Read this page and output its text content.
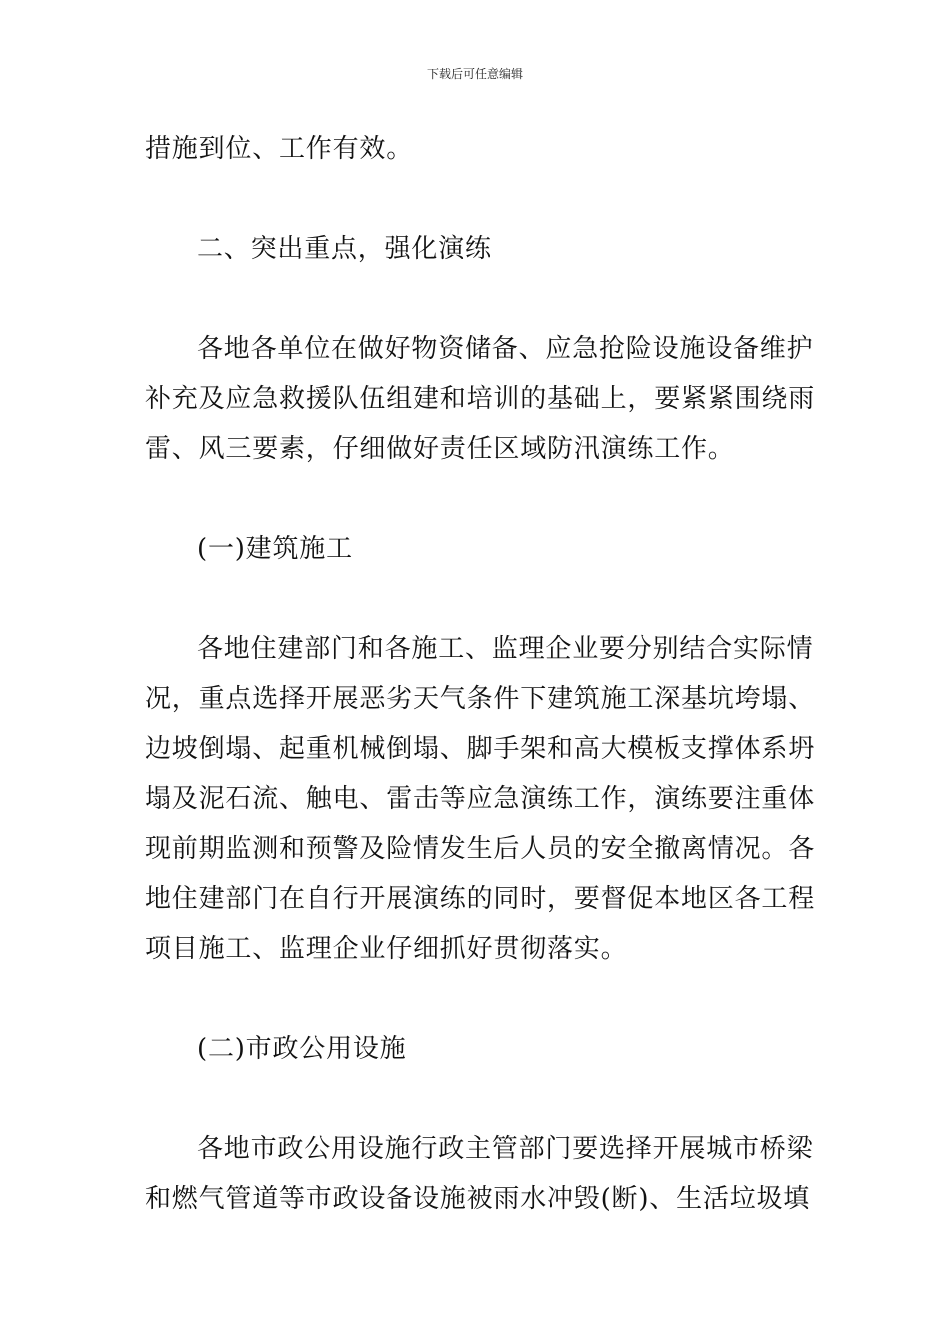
下载后可任意编辑
措施到位、工作有效。
二、突出重点，强化演练
各地各单位在做好物资储备、应急抢险设施设备维护
补充及应急救援队伍组建和培训的基础上，要紧紧围绕雨
雷、风三要素，仔细做好责任区域防汛演练工作。
(一)建筑施工
各地住建部门和各施工、监理企业要分别结合实际情
况，重点选择开展恶劣天气条件下建筑施工深基坑垮塌、
边坡倒塌、起重机械倒塌、脚手架和高大模板支撑体系坍
塌及泥石流、触电、雷击等应急演练工作，演练要注重体
现前期监测和预警及险情发生后人员的安全撤离情况。各
地住建部门在自行开展演练的同时，要督促本地区各工程
项目施工、监理企业仔细抓好贯彻落实。
(二)市政公用设施
各地市政公用设施行政主管部门要选择开展城市桥梁
和燃气管道等市政设备设施被雨水冲毁(断)、生活垃圾填
